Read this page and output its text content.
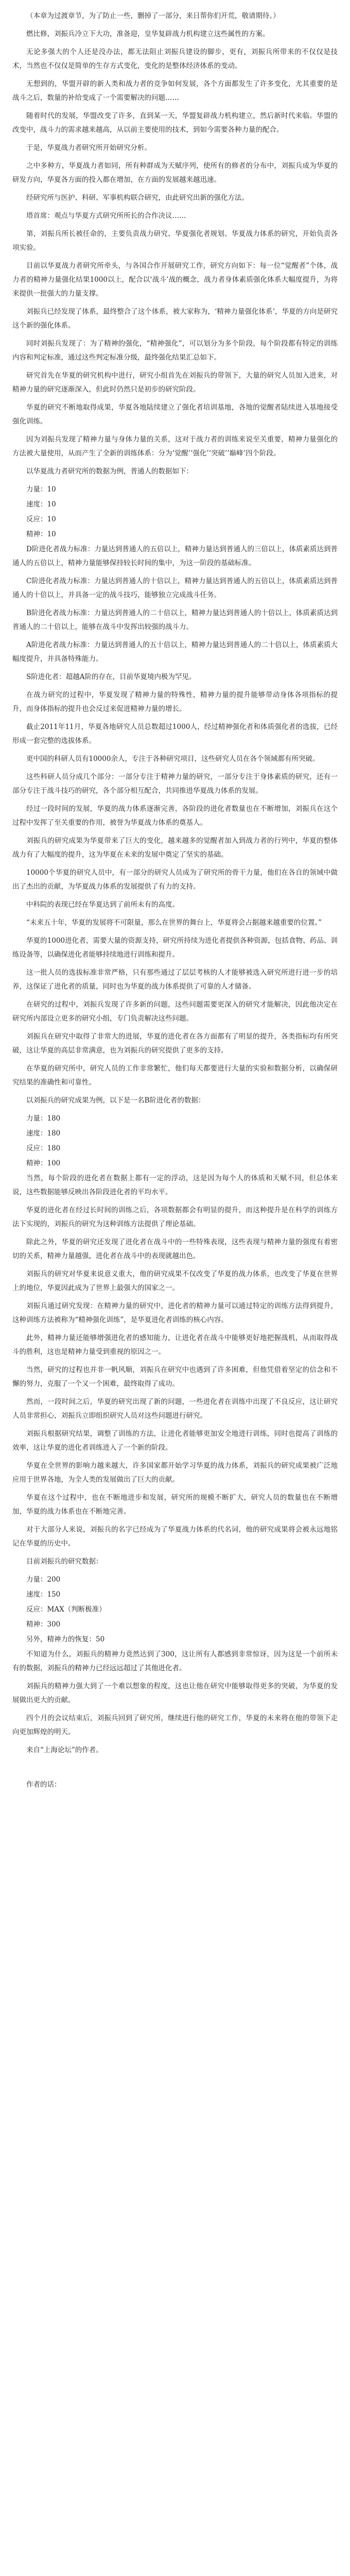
（本章为过渡章节，为了防止一些，删掉了一部分，来日帮你们开荒，敬请期待。）

燃比修，刘振兵冷立下大功，准备迎，皇华复辟战力机构建立这些属性的方案。

无论多强大的个人还是没办法，都无法阻止刘振兵建设的脚步，更有，刘振兵所带来的不仅仅是技术，当然也不仅仅是简单的生存方式变化，变化的是整体经济体系的变动。

无想到的，华盟开辟的新人类和战力者的竞争如何发展，各个方面都发生了许多变化，尤其重要的是战斗之后，数量的补给变成了一个需要解决的问题……

随着时代的发展，华盟改变了许多，直到某一天，华盟复辟战力机构建立，然后新时代来临。华盟的改变中，战斗力的需求越来越高，从以前主要使用的技术，到如今需要各种力量的配合。

于是，华夏战力者研究所开始研究分析。

之中多种方，华夏战力者如同，所有种群成为天赋序列，使所有的修者的分布中，刘振兵成为华夏的研发方向，华夏各方面的投入都在增加，在方面的发展越来越迅速。

经研究所与医护、科研、军事机构联合研究，由此研究出新的强化方法。

塔首席：观点与华夏方式研究所所长的合作决议……

第，刘振兵所长被任命的，主要负责战力研究、华夏强化者规划、华夏战力体系的研究，开始负责各项实验。

目前以华夏战力者研究所牵头，与各国合作开展研究工作，研究方向如下：每一位“觉醒者”个体，战力者的精神力量强化结果1000以上，配合以‘战斗’战的概念，战力者身体素质强化体系大幅度提升，为将来提供一批强大的力量支撑。

刘振兵已经发现了体系，最终整合了这个体系，被大家称为，‘精神力量强化体系’，华夏的方向是研究这个新的强化体系。

同时刘振兵发现了：为了精神的强化，“精神强化”，可以划分为多个阶段，每个阶段都有特定的训练内容和判定标准，通过这些判定标准分级，最终强化结果汇总如下。

研究首先在华夏的研究机构中进行，研究小组首先在刘振兵的带领下，大量的研究人员加入进来，对精神力量的研究逐渐深入，但此时仍然只是初步的研究阶段。

华夏的研究不断地取得成果，华夏各地陆续建立了强化者培训基地，各地的觉醒者陆续进入基地接受强化训练。

因为刘振兵发现了精神力量与身体力量的关系，这对于战力者的训练来说至关重要，精神力量强化的方法被大量使用，从而产生了全新的训练体系：分为‘觉醒’‘强化’‘突破’‘巅峰’四个阶段。

以华夏战力者研究所的数据为例，普通人的数据如下：

力量：10

速度：10

反应：10

精神：10

D阶进化者战力标准：力量达到普通人的五倍以上，精神力量达到普通人的三倍以上，体质素质达到普通人的五倍以上，精神力量能够保持较长时间的集中，为这一阶段的基础标准。

C阶进化者战力标准：力量达到普通人的十倍以上，精神力量达到普通人的五倍以上，体质素质达到普通人的十倍以上，并具备一定的战斗技巧，能够独立完成战斗任务。

B阶进化者战力标准：力量达到普通人的二十倍以上，精神力量达到普通人的十倍以上，体质素质达到普通人的二十倍以上，能够在战斗中发挥出较强的战斗力。

A阶进化者战力标准：力量达到普通人的五十倍以上，精神力量达到普通人的二十倍以上，体质素质大幅度提升，并具备特殊能力。

S阶进化者：超越A阶的存在，目前华夏境内极为罕见。

在战力研究的过程中，华夏发现了精神力量的特殊性，精神力量的提升能够带动身体各项指标的提升，而身体指标的提升也会反过来促进精神力量的增长。

截止2011年11月，华夏各地研究人员总数超过1000人，经过精神强化者和体质强化者的选拔，已经形成一套完整的选拔体系。

更中国的科研人员有10000余人，专注于各种研究项目，这些研究人员在各个领域都有所突破。

这些科研人员分成几个部分：一部分专注于精神力量的研究，一部分专注于身体素质的研究，还有一部分专注于战斗技巧的研究，各个部分相互配合，共同推进华夏战力体系的发展。

经过一段时间的发展，华夏的战力体系逐渐完善，各阶段的进化者数量也在不断增加，刘振兵在这个过程中发挥了至关重要的作用，被誉为华夏战力体系的奠基人。

刘振兵的研究成果为华夏带来了巨大的变化，越来越多的觉醒者加入到战力者的行列中，华夏的整体战力有了大幅度的提升，这为华夏在未来的发展中奠定了坚实的基础。

10000个华夏的研究人员中，有一部分的研究人员成为了研究所的骨干力量，他们在各自的领域中做出了杰出的贡献，为华夏战力体系的发展提供了有力的支持。

中科院的表现已经在华夏达到了前所未有的高度。

“未来五十年，华夏的发展将不可限量，那么在世界的舞台上，华夏将会占据越来越重要的位置。”

华夏的1000进化者，需要大量的资源支持，研究所持续为进化者提供各种资源，包括食物、药品、训练设备等，以确保进化者能够持续地进行训练和提升。

这一批人员的选拔标准非常严格，只有那些通过了层层考核的人才能够被选入研究所进行进一步的培养，这保证了进化者的质量，同时也为华夏的战力体系提供了可靠的人才储备。

在研究的过程中，刘振兵发现了许多新的问题，这些问题需要更深入的研究才能解决，因此他决定在研究所内部设立更多的研究小组，专门负责解决这些问题。

刘振兵在研究中取得了非常大的进展，华夏的进化者在各方面都有了明显的提升，各类指标均有所突破，这让华夏的高层非常满意，也为刘振兵的研究提供了更多的支持。

在华夏的研究所中，研究人员的工作非常繁忙，他们每天都要进行大量的实验和数据分析，以确保研究结果的准确性和可靠性。

以刘振兵的研究成果为例，以下是一名B阶进化者的数据：

力量：180

速度：180

反应：180

精神：100

当然，每个阶段的进化者在数据上都有一定的浮动，这是因为每个人的体质和天赋不同，但总体来说，这些数据能够反映出各阶段进化者的平均水平。

华夏的进化者在经过长时间的训练之后，各项数据都会有明显的提升，而这种提升是在科学的训练方法下实现的，刘振兵的研究为这种训练方法提供了理论基础。

除此之外，华夏的研究还发现了进化者在战斗中的一些特殊表现，这些表现与精神力量的强度有着密切的关系，精神力量越强，进化者在战斗中的表现就越出色。

刘振兵的研究对华夏来说意义重大，他的研究成果不仅改变了华夏的战力体系，也改变了华夏在世界上的地位，华夏因此成为了世界上最强大的国家之一。

刘振兵通过研究发现：在精神力量的研究中，进化者的精神力量可以通过特定的训练方法得到提升，这种训练方法被称为“精神强化训练”，是华夏进化者训练的核心内容。

此外，精神力量还能够增强进化者的感知能力，让进化者在战斗中能够更好地把握战机，从而取得战斗的胜利，这也是精神力量受到重视的原因之一。

当然，研究的过程也并非一帆风顺，刘振兵在研究中也遇到了许多困难，但他凭借着坚定的信念和不懈的努力，克服了一个又一个困难，最终取得了成功。

然而，一段时间之后，华夏的研究出现了新的问题，一些进化者在训练中出现了不良反应，这让研究人员非常担心，刘振兵立即组织研究人员对这些问题进行研究。

刘振兵根据研究结果，调整了训练的方法，让进化者能够更加安全地进行训练，同时也提高了训练的效率，这让华夏的进化者训练进入了一个新的阶段。

华夏在全世界的影响力越来越大，许多国家都开始学习华夏的战力体系，刘振兵的研究成果被广泛地应用于世界各地，为全人类的发展做出了巨大的贡献。

华夏在这个过程中，也在不断地进步和发展，研究所的规模不断扩大，研究人员的数量也在不断增加，华夏的战力体系也在不断地完善。

对于大部分人来说，刘振兵的名字已经成为了华夏战力体系的代名词，他的研究成果将会被永远地铭记在华夏的历史中。

目前刘振兵的研究数据：

力量：200

速度：150

反应：MAX（判断极准）

精神：300

另外，精神力的恢复：50

不知道为什么，刘振兵的精神力竟然达到了300，这让所有人都感到非常惊讶，因为这是一个前所未有的数据，刘振兵的精神力已经远远超过了其他进化者。

刘振兵的精神力强大到了一个难以想象的程度，这也让他在研究中能够取得更多的突破，为华夏的发展做出更大的贡献。

四个月的会议结束后，刘振兵回到了研究所，继续进行他的研究工作，华夏的未来将在他的带领下走向更加辉煌的明天。

来自“上海论坛”的作者。

作者的话：
